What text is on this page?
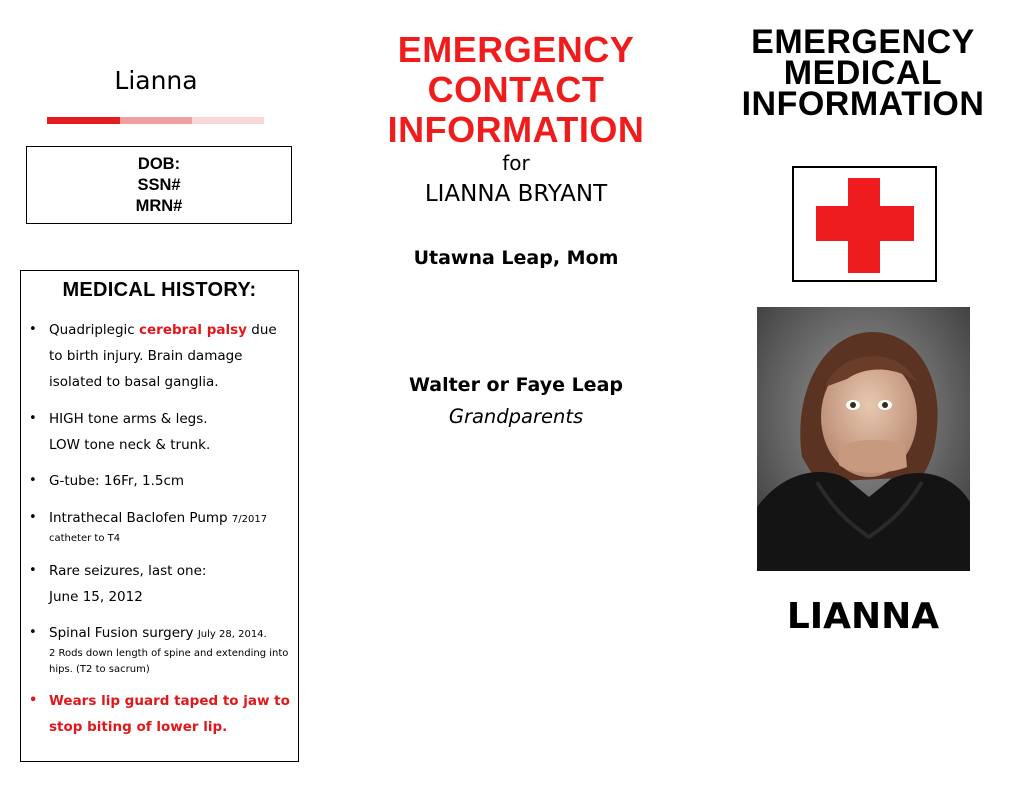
Lianna
DOB:
SSN#
MRN#
MEDICAL HISTORY:
• Quadriplegic cerebral palsy due to birth injury. Brain damage isolated to basal ganglia.
• HIGH tone arms & legs.
LOW tone neck & trunk.
• G-tube: 16Fr, 1.5cm
• Intrathecal Baclofen Pump 7/2017
catheter to T4
• Rare seizures, last one:
June 15, 2012
• Spinal Fusion surgery July 28, 2014.
2 Rods down length of spine and extending into hips. (T2 to sacrum)
• Wears lip guard taped to jaw to stop biting of lower lip.
EMERGENCY
CONTACT
INFORMATION
for
LIANNA BRYANT
Utawna Leap, Mom
Walter or Faye Leap
Grandparents
EMERGENCY
MEDICAL
INFORMATION
LIANNA
